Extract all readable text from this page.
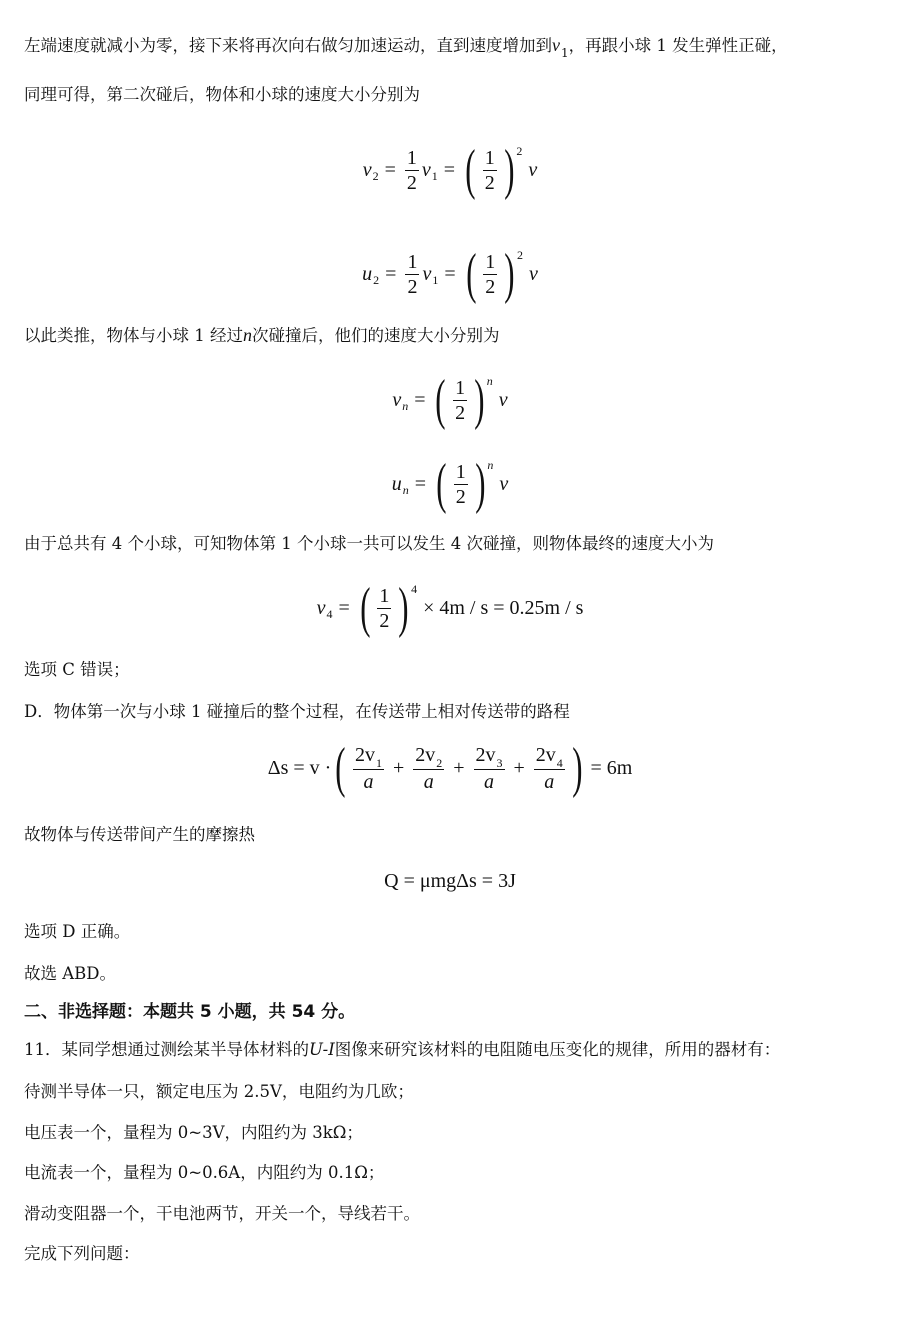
左端速度就减小为零，接下来将再次向右做匀加速运动，直到速度增加到$v_1$，再跟小球 1 发生弹性正碰，
同理可得，第二次碰后，物体和小球的速度大小分别为
v $2 = \frac{1}{2}$ v 1 = ( $\frac{1}{2}$ ) 2
v
u $2 = \frac{1}{2}$ v 1 = ( $\frac{1}{2}$ ) 2
v
以此类推，物体与小球 1 经过n次碰撞后，他们的速度大小分别为
v n = ( $\frac{1}{2}$ ) n
v
u n = ( $\frac{1}{2}$ ) n
v
由于总共有 4 个小球，可知物体第 1 个小球一共可以发生 4 次碰撞，则物体最终的速度大小为
v 4 = ( $\frac{1}{2}$ ) 4
× 4m / s = 0.25m / s
选项 C 错误；
D．物体第一次与小球 1 碰撞后的整个过程，在传送带上相对传送带的路程
Δs = v · ( $\frac{2v_1}{a} + \frac{2v_2}{a} + \frac{2v_3}{a} + \frac{2v_4}{a}$ ) = 6m
故物体与传送带间产生的摩擦热
Q = μmgΔs = 3J
选项 D 正确。
故选 ABD。
二、非选择题：本题共 5 小题，共 54 分。
11．某同学想通过测绘某半导体材料的U-I图像来研究该材料的电阻随电压变化的规律，所用的器材有：
待测半导体一只，额定电压为 2.5V，电阻约为几欧；
电压表一个，量程为 0~3V，内阻约为 3kΩ；
电流表一个，量程为 0~0.6A，内阻约为 0.1Ω；
滑动变阻器一个，干电池两节，开关一个，导线若干。
完成下列问题：
